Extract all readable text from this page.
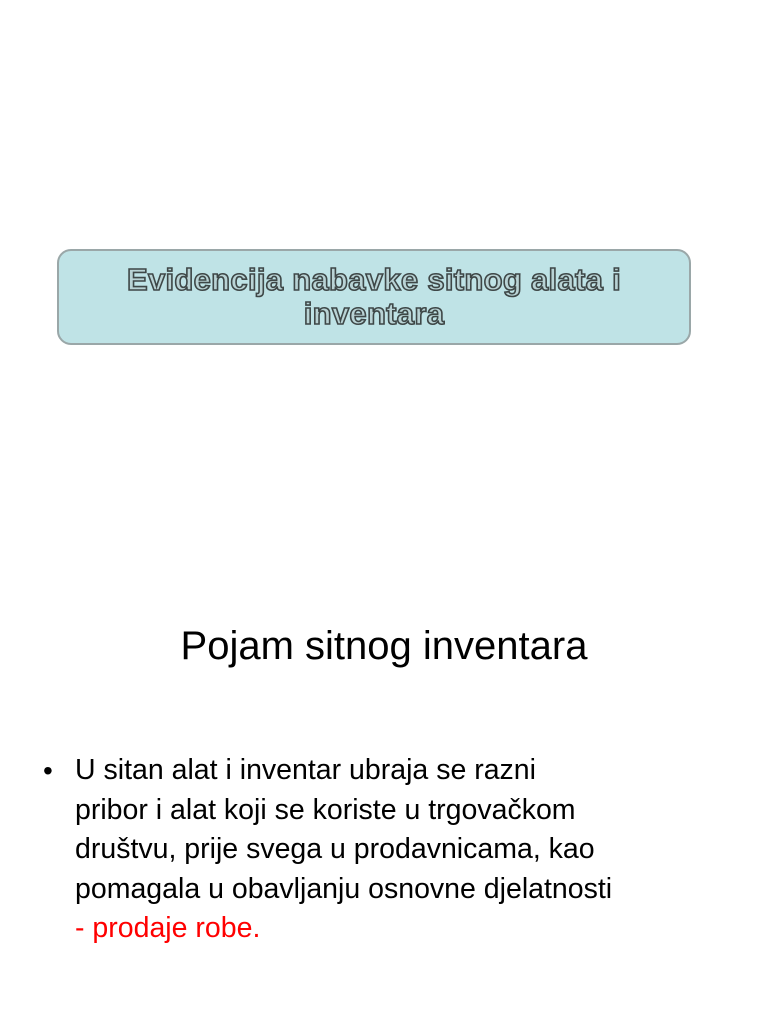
Evidencija nabavke sitnog alata i
inventara
Pojam sitnog inventara
• U sitan alat i inventar ubraja se razni
pribor i alat koji se koriste u trgovačkom
društvu, prije svega u prodavnicama, kao
pomagala u obavljanju osnovne djelatnosti
- prodaje robe.
